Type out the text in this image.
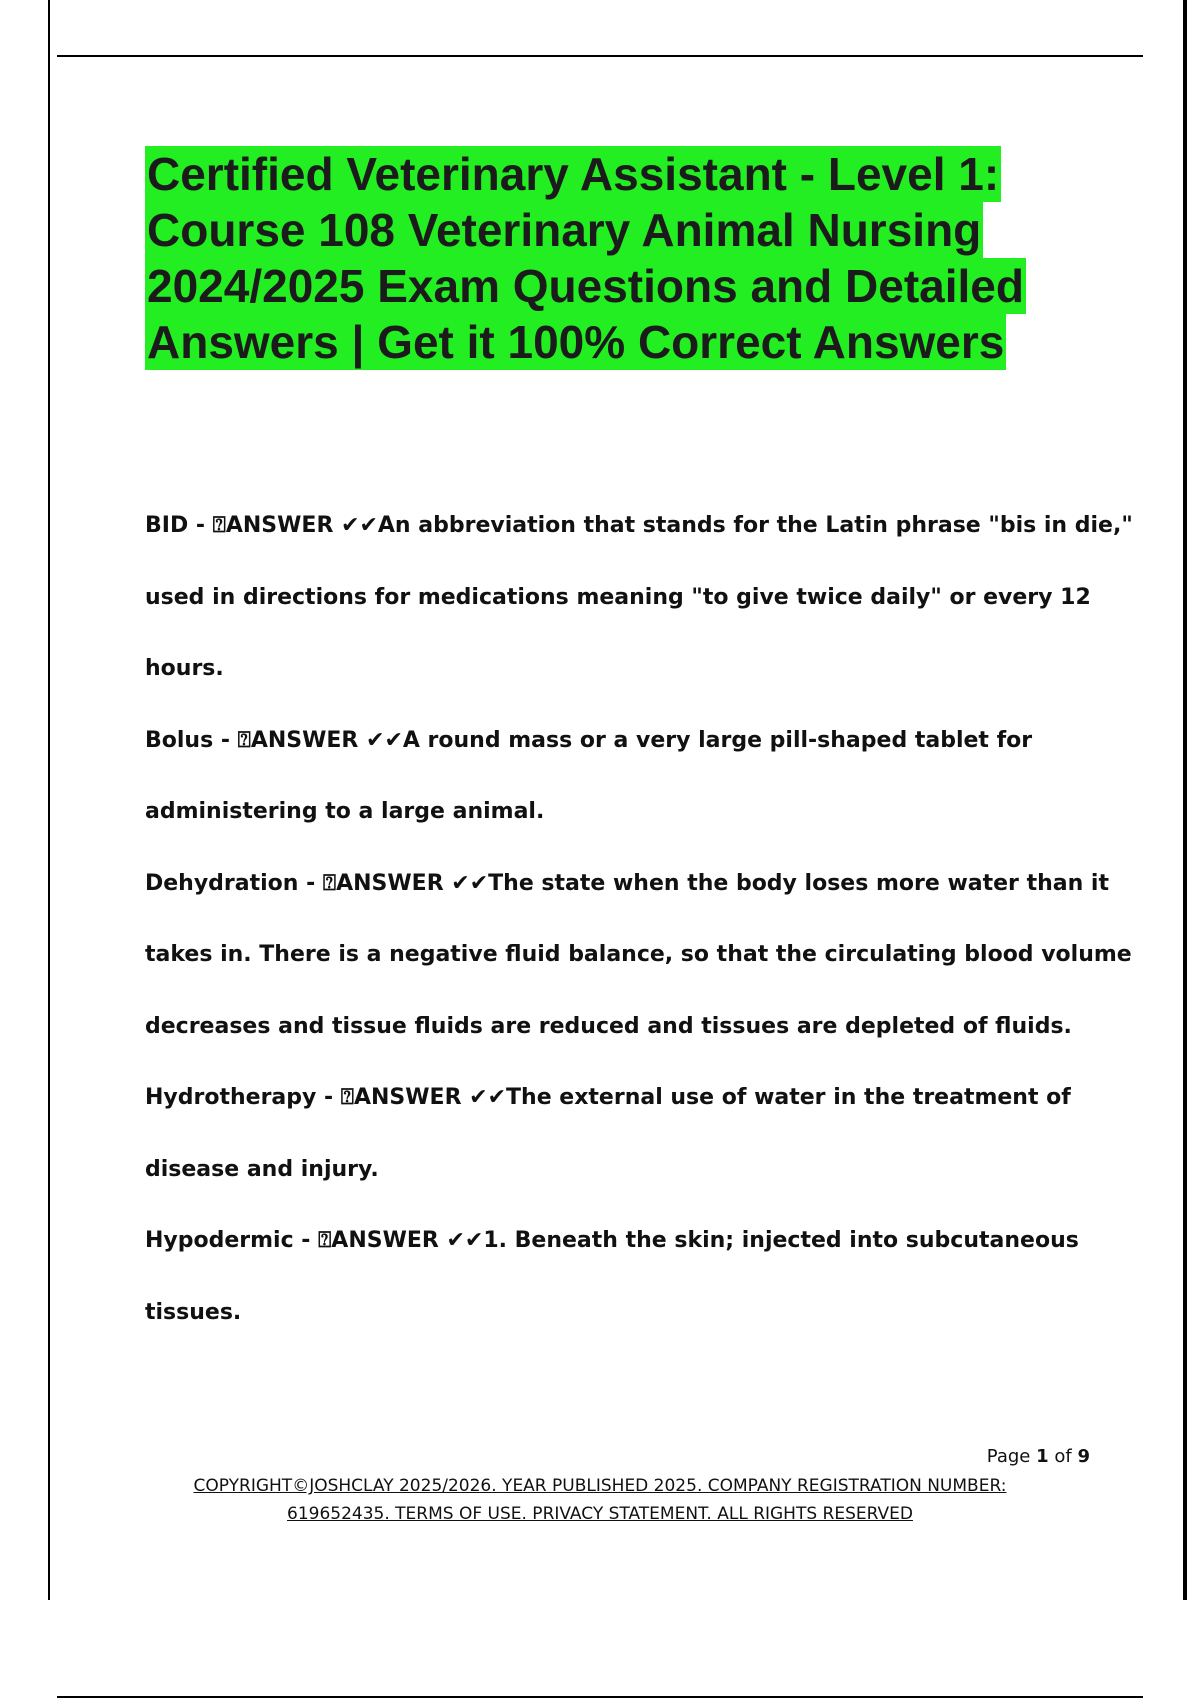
Certified Veterinary Assistant - Level 1:
Course 108 Veterinary Animal Nursing
2024/2025 Exam Questions and Detailed
Answers | Get it 100% Correct Answers
BID - ⍰ANSWER ✔✔An abbreviation that stands for the Latin phrase "bis in die,"
used in directions for medications meaning "to give twice daily" or every 12
hours.
Bolus - ⍰ANSWER ✔✔A round mass or a very large pill-shaped tablet for
administering to a large animal.
Dehydration - ⍰ANSWER ✔✔The state when the body loses more water than it
takes in. There is a negative fluid balance, so that the circulating blood volume
decreases and tissue fluids are reduced and tissues are depleted of fluids.
Hydrotherapy - ⍰ANSWER ✔✔The external use of water in the treatment of
disease and injury.
Hypodermic - ⍰ANSWER ✔✔1. Beneath the skin; injected into subcutaneous
tissues.
Page 1 of 9
COPYRIGHT©JOSHCLAY 2025/2026. YEAR PUBLISHED 2025. COMPANY REGISTRATION NUMBER:
619652435. TERMS OF USE. PRIVACY STATEMENT. ALL RIGHTS RESERVED
